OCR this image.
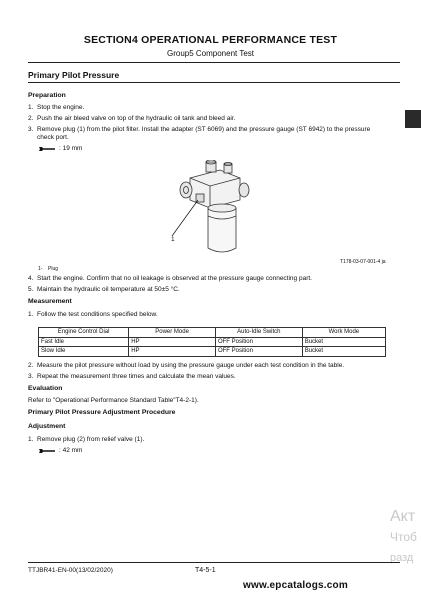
SECTION4 OPERATIONAL PERFORMANCE TEST
Group5 Component Test
Primary Pilot Pressure
Preparation
1. Stop the engine.
2. Push the air bleed valve on top of the hydraulic oil tank and bleed air.
3. Remove plug (1) from the pilot filter. Install the adapter (ST 6069) and the pressure gauge (ST 6942) to the pressure
check port.
: 19 mm
1
T178-03-07-001-4 ja
1- Plug
4. Start the engine. Confirm that no oil leakage is observed at the pressure gauge connecting part.
5. Maintain the hydraulic oil temperature at 50±5 °C.
Measurement
1. Follow the test conditions specified below.
Engine Control Dial	Power Mode	Auto-Idle Switch	Work Mode
Fast Idle	HP	OFF Position	Bucket
Slow Idle	HP	OFF Position	Bucket
2. Measure the pilot pressure without load by using the pressure gauge under each test condition in the table.
3. Repeat the measurement three times and calculate the mean values.
Evaluation
Refer to "Operational Performance Standard Table"T4-2-1).
Primary Pilot Pressure Adjustment Procedure
Adjustment
1. Remove plug (2) from relief valve (1).
: 42 mm
Акт
Чтоб
разд
TTJBR41-EN-00(13/02/2020)	T4-5-1
www.epcatalogs.com
